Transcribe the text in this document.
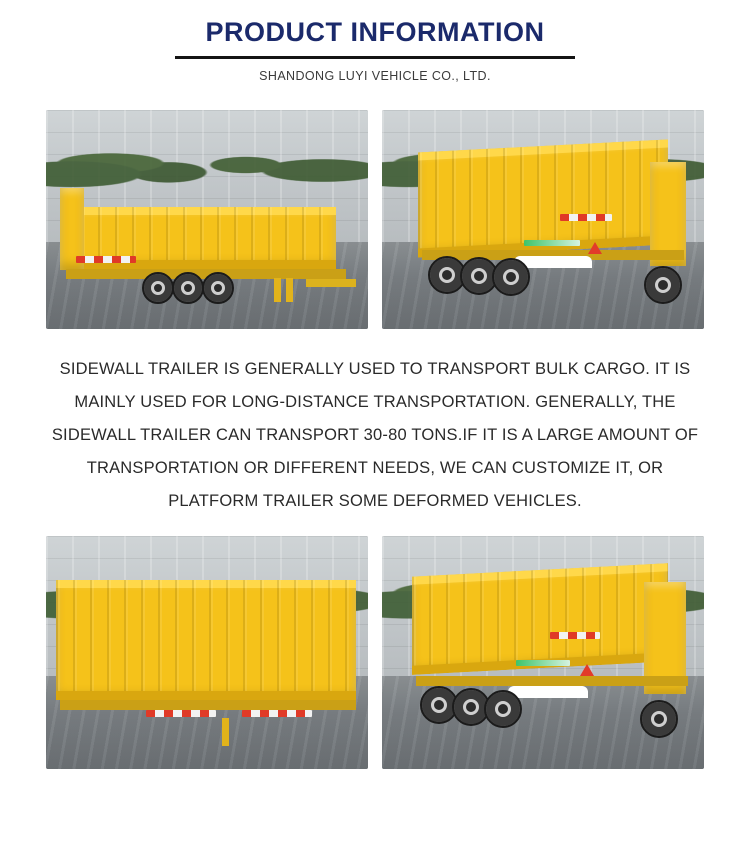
PRODUCT INFORMATION
SHANDONG LUYI VEHICLE CO., LTD.
SIDEWALL TRAILER IS GENERALLY USED TO TRANSPORT BULK CARGO. IT IS MAINLY USED FOR LONG-DISTANCE TRANSPORTATION. GENERALLY, THE SIDEWALL TRAILER CAN TRANSPORT 30-80 TONS.IF IT IS A LARGE AMOUNT OF TRANSPORTATION OR DIFFERENT NEEDS, WE CAN CUSTOMIZE IT, OR PLATFORM TRAILER SOME DEFORMED VEHICLES.
